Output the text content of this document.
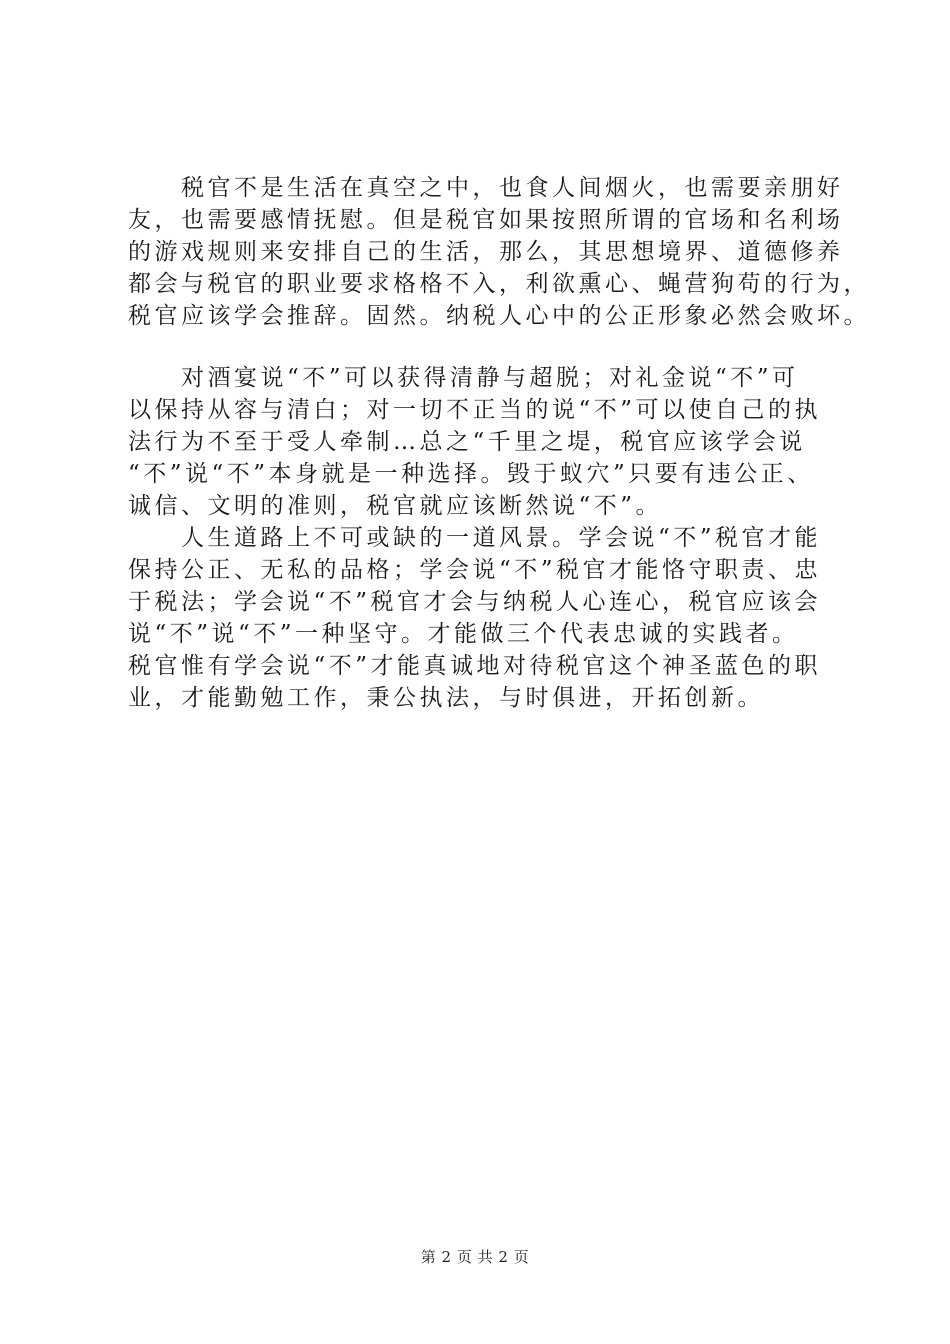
　　税官不是生活在真空之中，也食人间烟火，也需要亲朋好
友，也需要感情抚慰。但是税官如果按照所谓的官场和名利场
的游戏规则来安排自己的生活，那么，其思想境界、道德修养
都会与税官的职业要求格格不入，利欲熏心、蝇营狗苟的行为，
税官应该学会推辞。固然。纳税人心中的公正形象必然会败坏。
　　对酒宴说“不”可以获得清静与超脱；对礼金说“不”可
以保持从容与清白；对一切不正当的说“不”可以使自己的执
法行为不至于受人牵制…总之“千里之堤，税官应该学会说
“不”说“不”本身就是一种选择。毁于蚁穴”只要有违公正、
诚信、文明的准则，税官就应该断然说“不”。
　　人生道路上不可或缺的一道风景。学会说“不”税官才能
保持公正、无私的品格；学会说“不”税官才能恪守职责、忠
于税法；学会说“不”税官才会与纳税人心连心，税官应该会
说“不”说“不”一种坚守。才能做三个代表忠诚的实践者。
税官惟有学会说“不”才能真诚地对待税官这个神圣蓝色的职
业，才能勤勉工作，秉公执法，与时俱进，开拓创新。
第 2 页 共 2 页
